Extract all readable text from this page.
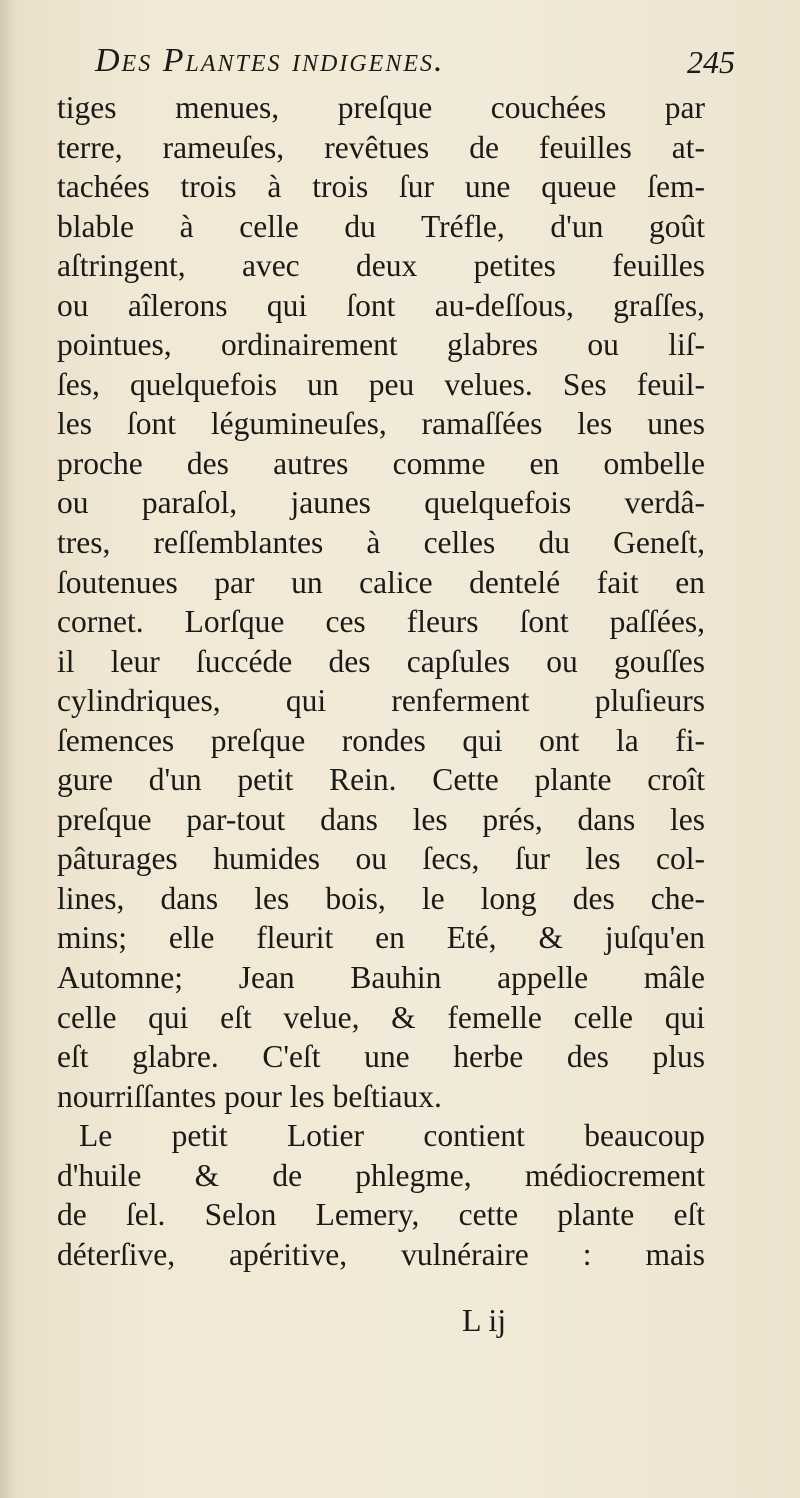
Des Plantes indigenes.	245
tiges menues, preſque couchées par
terre, rameuſes, revêtues de feuilles at-
tachées trois à trois ſur une queue ſem-
blable à celle du Tréfle, d'un goût
aſtringent, avec deux petites feuilles
ou aîlerons qui ſont au-deſſous, graſſes,
pointues, ordinairement glabres ou liſ-
ſes, quelquefois un peu velues. Ses feuil-
les ſont légumineuſes, ramaſſées les unes
proche des autres comme en ombelle
ou paraſol, jaunes quelquefois verdâ-
tres, reſſemblantes à celles du Geneſt,
ſoutenues par un calice dentelé fait en
cornet. Lorſque ces fleurs ſont paſſées,
il leur ſuccéde des capſules ou gouſſes
cylindriques, qui renferment pluſieurs
ſemences preſque rondes qui ont la fi-
gure d'un petit Rein. Cette plante croît
preſque par-tout dans les prés, dans les
pâturages humides ou ſecs, ſur les col-
lines, dans les bois, le long des che-
mins; elle fleurit en Eté, & juſqu'en
Automne; Jean Bauhin appelle mâle
celle qui eſt velue, & femelle celle qui
eſt glabre. C'eſt une herbe des plus
nourriſſantes pour les beſtiaux.
Le petit Lotier contient beaucoup
d'huile & de phlegme, médiocrement
de ſel. Selon Lemery, cette plante eſt
déterſive, apéritive, vulnéraire : mais
L ij
